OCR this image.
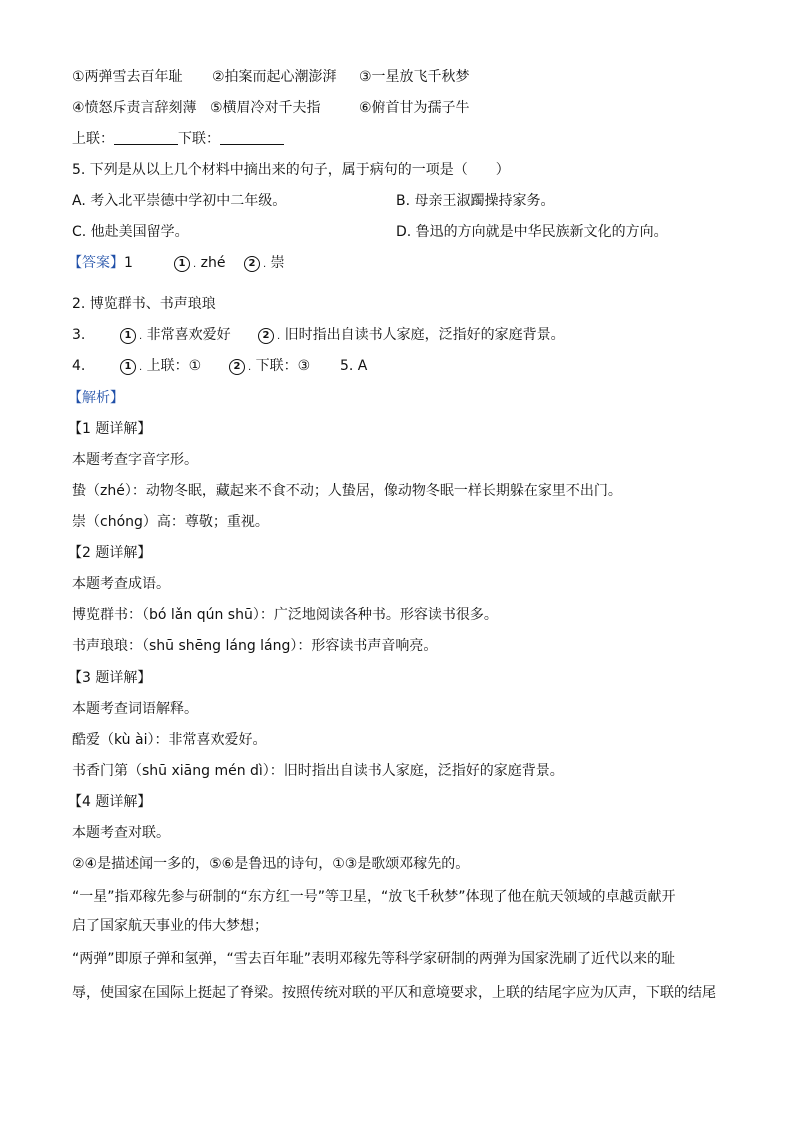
①两弹雪去百年耻 ②拍案而起心潮澎湃 ③一星放飞千秋梦
④愤怒斥责言辞刻薄 ⑤横眉冷对千夫指	⑥俯首甘为孺子牛
上联：	下联：
5. 下列是从以上几个材料中摘出来的句子，属于病句的一项是（　　）
A. 考入北平崇德中学初中二年级。	B. 母亲王淑躅操持家务。
C. 他赴美国留学。	D. 鲁迅的方向就是中华民族新文化的方向。
【答案】1	1 . zhé	2 . 崇
2. 博览群书、书声琅琅
3.	1 . 非常喜欢爱好	2 . 旧时指出自读书人家庭，泛指好的家庭背景。
4.	1 . 上联：①	2 . 下联：③ 5. A
【解析】
【1 题详解】
本题考查字音字形。
蛰（zhé）：动物冬眠，藏起来不食不动；人蛰居，像动物冬眠一样长期躲在家里不出门。
崇（chóng）高：尊敬；重视。
【2 题详解】
本题考查成语。
博览群书：（bó lǎn qún shū）：广泛地阅读各种书。形容读书很多。
书声琅琅：（shū shēng láng láng）：形容读书声音响亮。
【3 题详解】
本题考查词语解释。
酷爱（kù ài）：非常喜欢爱好。
书香门第（shū xiāng mén dì）：旧时指出自读书人家庭，泛指好的家庭背景。
【4 题详解】
本题考查对联。
②④是描述闻一多的，⑤⑥是鲁迅的诗句，①③是歌颂邓稼先的。
“一星”指邓稼先参与研制的“东方红一号”等卫星，“放飞千秋梦”体现了他在航天领域的卓越贡献开
启了国家航天事业的伟大梦想；
“两弹”即原子弹和氢弹，“雪去百年耻”表明邓稼先等科学家研制的两弹为国家洗刷了近代以来的耻
辱，使国家在国际上挺起了脊梁。按照传统对联的平仄和意境要求，上联的结尾字应为仄声，下联的结尾
